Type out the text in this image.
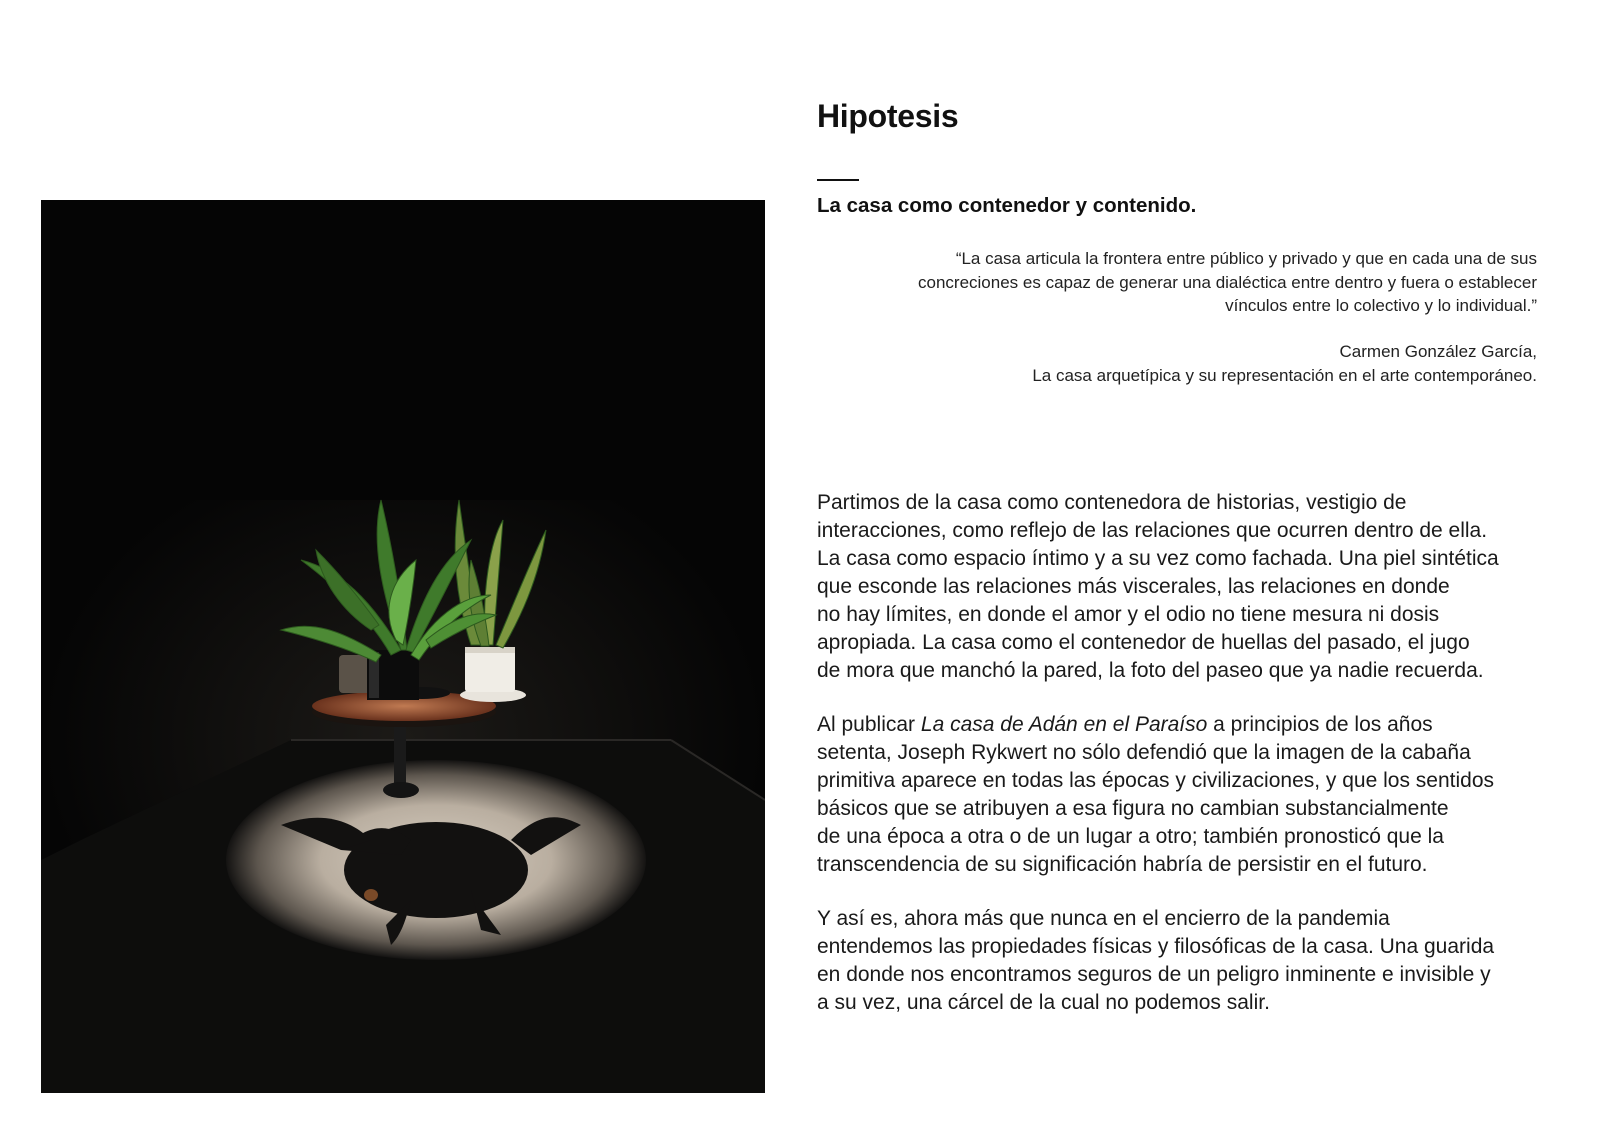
Hipotesis
La casa como contenedor y contenido.

“La casa articula la frontera entre público y privado y que en cada una de sus
concreciones es capaz de generar una dialéctica entre dentro y fuera o establecer
vínculos entre lo colectivo y lo individual.”

Carmen González García,
La casa arquetípica y su representación en el arte contemporáneo.
Partimos de la casa como contenedora de historias, vestigio de
interacciones, como reflejo de las relaciones que ocurren dentro de ella.
La casa como espacio íntimo y a su vez como fachada. Una piel sintética
que esconde las relaciones más viscerales, las relaciones en donde
no hay límites, en donde el amor y el odio no tiene mesura ni dosis
apropiada. La casa como el contenedor de huellas del pasado, el jugo
de mora que manchó la pared, la foto del paseo que ya nadie recuerda.
Al publicar La casa de Adán en el Paraíso a principios de los años
setenta, Joseph Rykwert no sólo defendió que la imagen de la cabaña
primitiva aparece en todas las épocas y civilizaciones, y que los sentidos
básicos que se atribuyen a esa figura no cambian substancialmente
de una época a otra o de un lugar a otro; también pronosticó que la
transcendencia de su significación habría de persistir en el futuro.
Y así es, ahora más que nunca en el encierro de la pandemia
entendemos las propiedades físicas y filosóficas de la casa. Una guarida
en donde nos encontramos seguros de un peligro inminente e invisible y
a su vez, una cárcel de la cual no podemos salir.
